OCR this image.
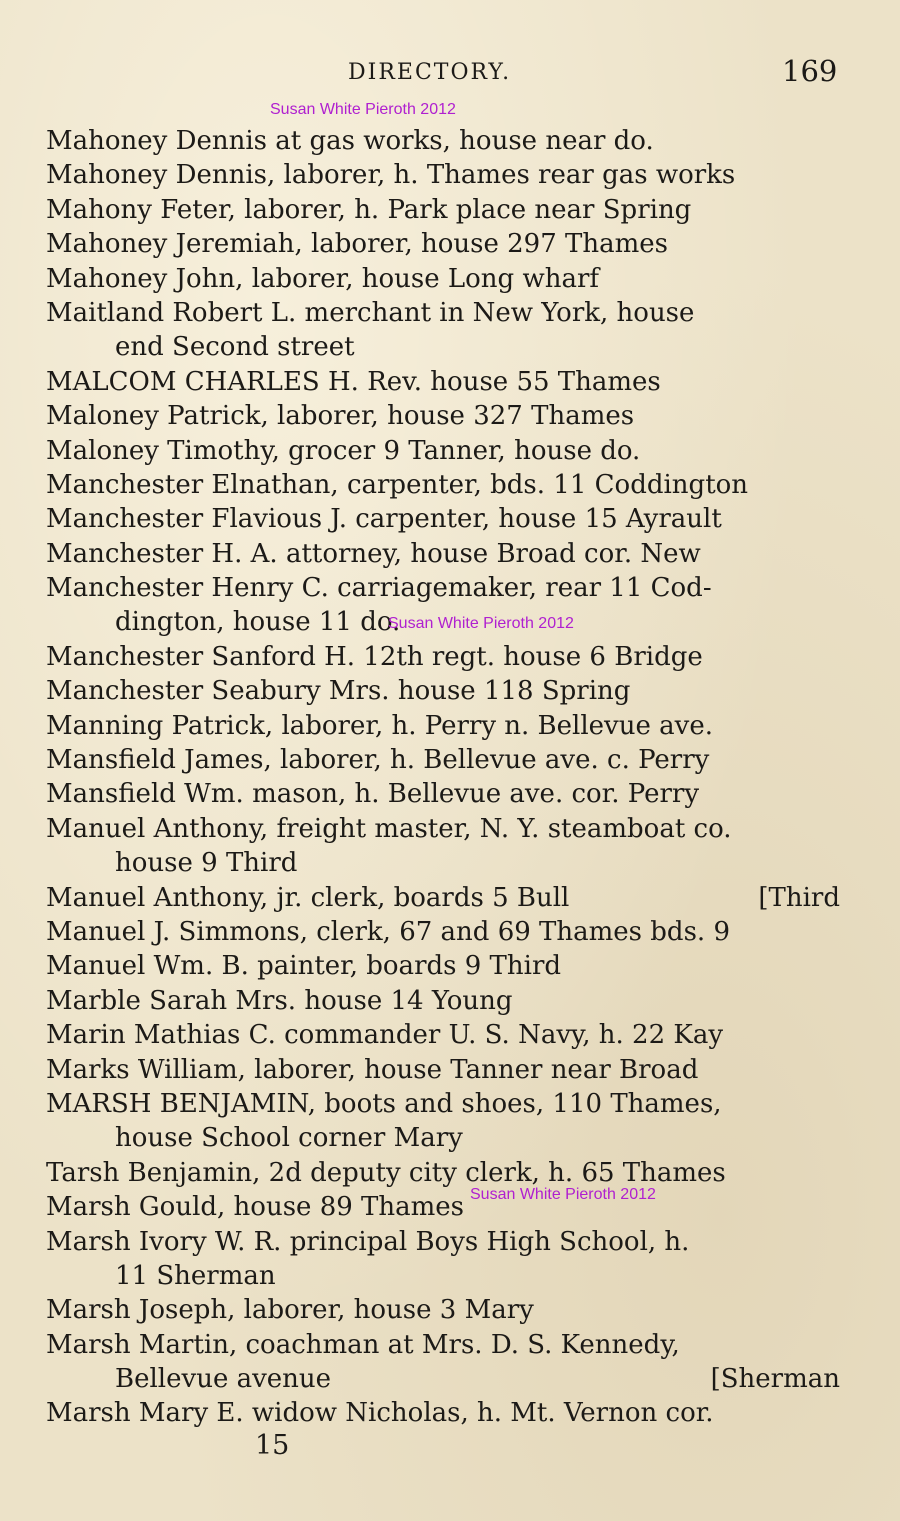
DIRECTORY.	169
Susan White Pieroth 2012
Mahoney Dennis at gas works, house near do.
Mahoney Dennis, laborer, h. Thames rear gas works
Mahony Feter, laborer, h. Park place near Spring
Mahoney Jeremiah, laborer, house 297 Thames
Mahoney John, laborer, house Long wharf
Maitland Robert L. merchant in New York, house
end Second street
MALCOM CHARLES H. Rev. house 55 Thames
Maloney Patrick, laborer, house 327 Thames
Maloney Timothy, grocer 9 Tanner, house do.
Manchester Elnathan, carpenter, bds. 11 Coddington
Manchester Flavious J. carpenter, house 15 Ayrault
Manchester H. A. attorney, house Broad cor. New
Manchester Henry C. carriagemaker, rear 11 Cod-
dington, house 11 do.
Manchester Sanford H. 12th regt. house 6 Bridge
Manchester Seabury Mrs. house 118 Spring
Manning Patrick, laborer, h. Perry n. Bellevue ave.
Mansfield James, laborer, h. Bellevue ave. c. Perry
Mansfield Wm. mason, h. Bellevue ave. cor. Perry
Manuel Anthony, freight master, N. Y. steamboat co.
house 9 Third
Manuel Anthony, jr. clerk, boards 5 Bull	[Third
Manuel J. Simmons, clerk, 67 and 69 Thames bds. 9
Manuel Wm. B. painter, boards 9 Third
Marble Sarah Mrs. house 14 Young
Marin Mathias C. commander U. S. Navy, h. 22 Kay
Marks William, laborer, house Tanner near Broad
MARSH BENJAMIN, boots and shoes, 110 Thames,
house School corner Mary
Tarsh Benjamin, 2d deputy city clerk, h. 65 Thames
Marsh Gould, house 89 Thames
Marsh Ivory W. R. principal Boys High School, h.
11 Sherman
Marsh Joseph, laborer, house 3 Mary
Marsh Martin, coachman at Mrs. D. S. Kennedy,
Bellevue avenue	[Sherman
Marsh Mary E. widow Nicholas, h. Mt. Vernon cor.
Susan White Pieroth 2012
Susan White Pieroth 2012
15
